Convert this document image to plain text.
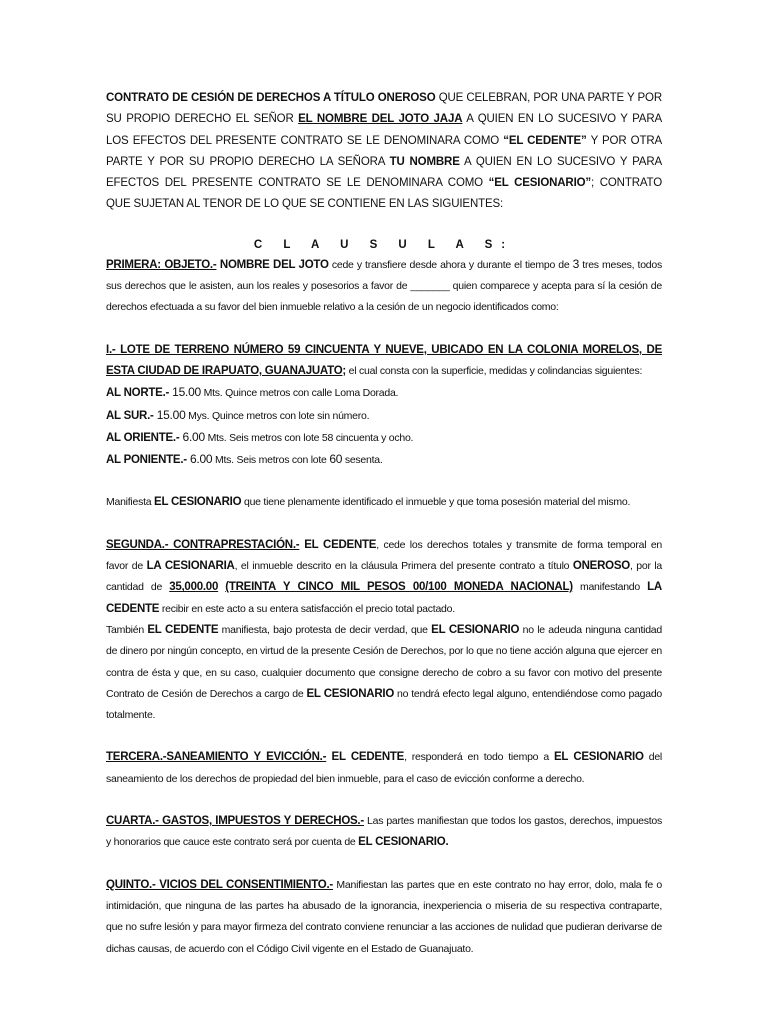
CONTRATO DE CESIÓN DE DERECHOS A TÍTULO ONEROSO QUE CELEBRAN, POR UNA PARTE Y POR SU PROPIO DERECHO EL SEÑOR EL NOMBRE DEL JOTO JAJA A QUIEN EN LO SUCESIVO Y PARA LOS EFECTOS DEL PRESENTE CONTRATO SE LE DENOMINARA COMO “EL CEDENTE” Y POR OTRA PARTE Y POR SU PROPIO DERECHO LA SEÑORA TU NOMBRE A QUIEN EN LO SUCESIVO Y PARA EFECTOS DEL PRESENTE CONTRATO SE LE DENOMINARA COMO “EL CESIONARIO”; CONTRATO QUE SUJETAN AL TENOR DE LO QUE SE CONTIENE EN LAS SIGUIENTES:

C L A U S U L A S:

PRIMERA: OBJETO.- NOMBRE DEL JOTO cede y transfiere desde ahora y durante el tiempo de 3 tres meses, todos sus derechos que le asisten, aun los reales y posesorios a favor de _______ quien comparece y acepta para sí la cesión de derechos efectuada a su favor del bien inmueble relativo a la cesión de un negocio identificados como:

I.- LOTE DE TERRENO NÚMERO 59 CINCUENTA Y NUEVE, UBICADO EN LA COLONIA MORELOS, DE ESTA CIUDAD DE IRAPUATO, GUANAJUATO; el cual consta con la superficie, medidas y colindancias siguientes:
AL NORTE.- 15.00 Mts. Quince metros con calle Loma Dorada.
AL SUR.- 15.00 Mys. Quince metros con lote sin número.
AL ORIENTE.- 6.00 Mts. Seis metros con lote 58 cincuenta y ocho.
AL PONIENTE.- 6.00 Mts. Seis metros con lote 60 sesenta.

Manifiesta EL CESIONARIO que tiene plenamente identificado el inmueble y que toma posesión material del mismo.

SEGUNDA.- CONTRAPRESTACIÓN.- EL CEDENTE, cede los derechos totales y transmite de forma temporal en favor de LA CESIONARIA, el inmueble descrito en la cláusula Primera del presente contrato a título ONEROSO, por la cantidad de 35,000.00 (TREINTA Y CINCO MIL PESOS 00/100 MONEDA NACIONAL) manifestando LA CEDENTE recibir en este acto a su entera satisfacción el precio total pactado.
También EL CEDENTE manifiesta, bajo protesta de decir verdad, que EL CESIONARIO no le adeuda ninguna cantidad de dinero por ningún concepto, en virtud de la presente Cesión de Derechos, por lo que no tiene acción alguna que ejercer en contra de ésta y que, en su caso, cualquier documento que consigne derecho de cobro a su favor con motivo del presente Contrato de Cesión de Derechos a cargo de EL CESIONARIO no tendrá efecto legal alguno, entendiéndose como pagado totalmente.

TERCERA.-SANEAMIENTO Y EVICCIÓN.- EL CEDENTE, responderá en todo tiempo a EL CESIONARIO del saneamiento de los derechos de propiedad del bien inmueble, para el caso de evicción conforme a derecho.

CUARTA.- GASTOS, IMPUESTOS Y DERECHOS.- Las partes manifiestan que todos los gastos, derechos, impuestos y honorarios que cauce este contrato será por cuenta de EL CESIONARIO.

QUINTO.- VICIOS DEL CONSENTIMIENTO.- Manifiestan las partes que en este contrato no hay error, dolo, mala fe o intimidación, que ninguna de las partes ha abusado de la ignorancia, inexperiencia o miseria de su respectiva contraparte, que no sufre lesión y para mayor firmeza del contrato conviene renunciar a las acciones de nulidad que pudieran derivarse de dichas causas, de acuerdo con el Código Civil vigente en el Estado de Guanajuato.
